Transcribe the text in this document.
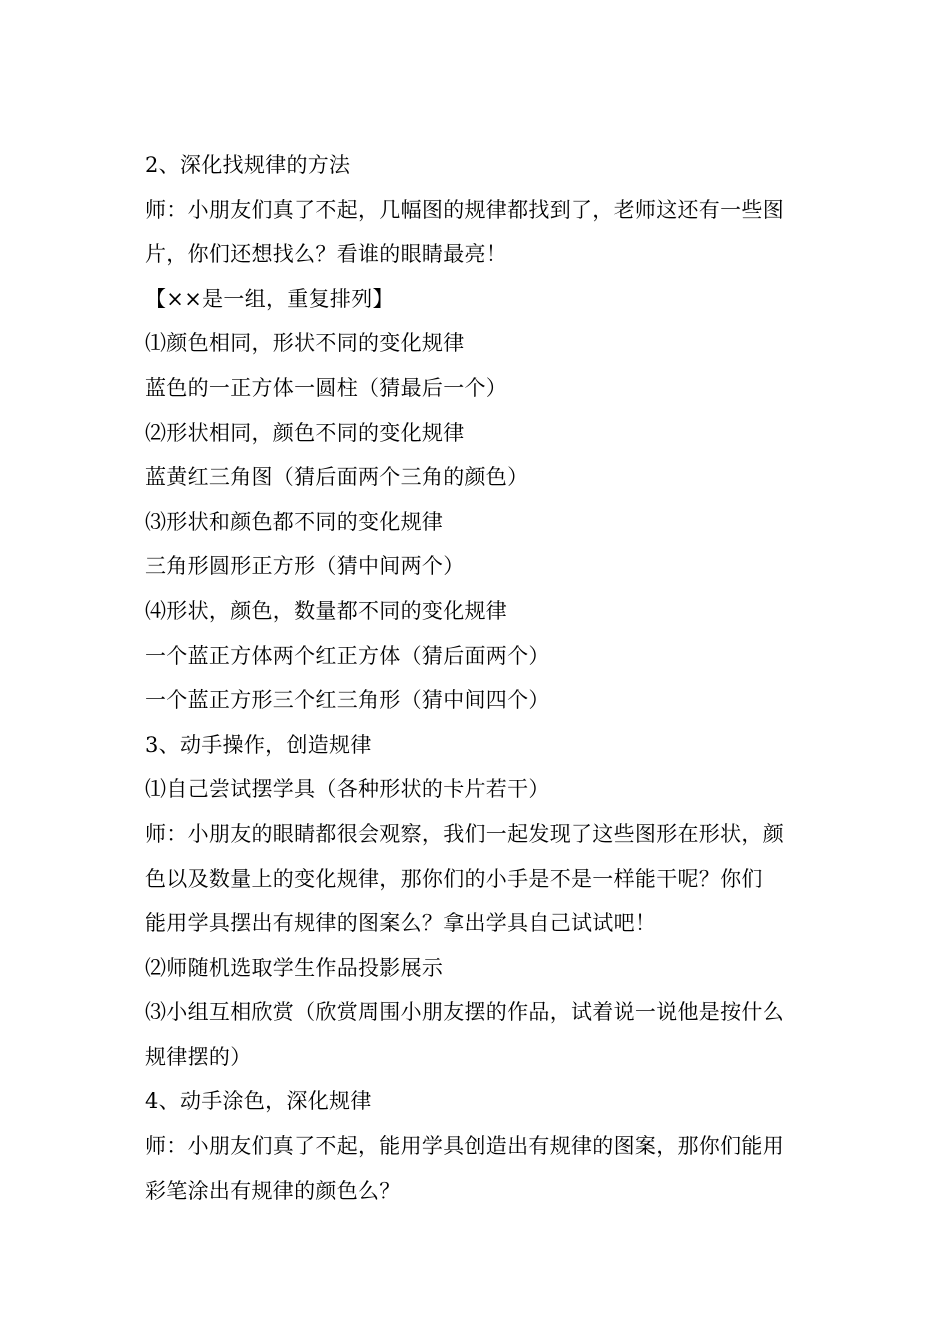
2、深化找规律的方法
师：小朋友们真了不起，几幅图的规律都找到了，老师这还有一些图
片，你们还想找么？看谁的眼睛最亮！
【××是一组，重复排列】
⑴颜色相同，形状不同的变化规律
蓝色的一正方体一圆柱（猜最后一个）
⑵形状相同，颜色不同的变化规律
蓝黄红三角图（猜后面两个三角的颜色）
⑶形状和颜色都不同的变化规律
三角形圆形正方形（猜中间两个）
⑷形状，颜色，数量都不同的变化规律
一个蓝正方体两个红正方体（猜后面两个）
一个蓝正方形三个红三角形（猜中间四个）
3、动手操作，创造规律
⑴自己尝试摆学具（各种形状的卡片若干）
师：小朋友的眼睛都很会观察，我们一起发现了这些图形在形状，颜
色以及数量上的变化规律，那你们的小手是不是一样能干呢？你们
能用学具摆出有规律的图案么？拿出学具自己试试吧！
⑵师随机选取学生作品投影展示
⑶小组互相欣赏（欣赏周围小朋友摆的作品，试着说一说他是按什么
规律摆的）
4、动手涂色，深化规律
师：小朋友们真了不起，能用学具创造出有规律的图案，那你们能用
彩笔涂出有规律的颜色么？
